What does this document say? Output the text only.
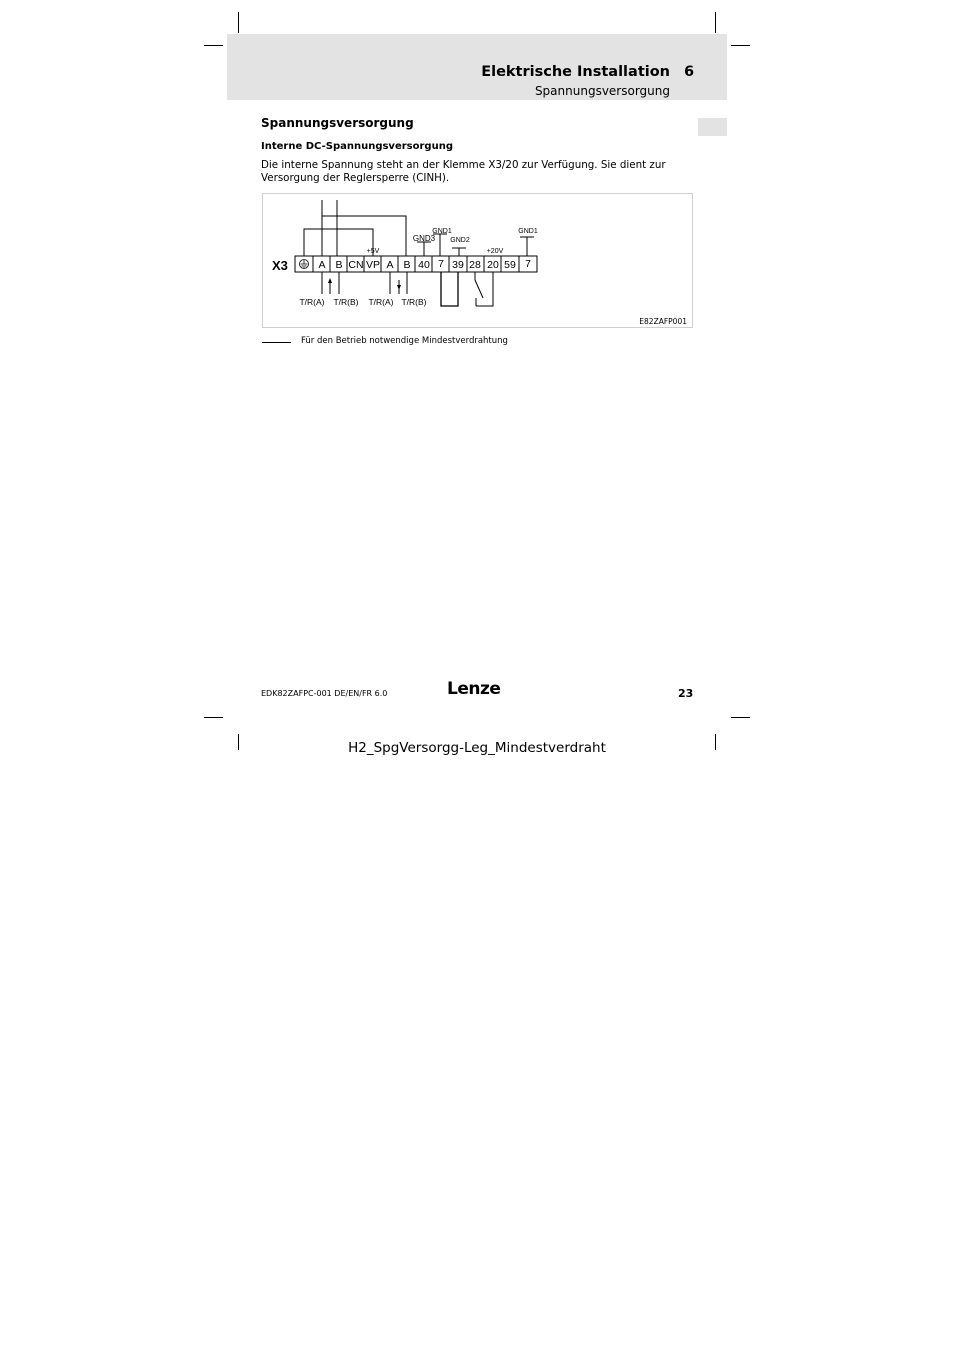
Elektrische Installation 6
Spannungsversorgung
Spannungsversorgung
Interne DC-Spannungsversorgung
Die interne Spannung steht an der Klemme X3/20 zur Verfügung. Sie dient zur Versorgung der Reglersperre (CINH).
X3	A B CN VP A B 40 7 39 28 20 59 7
+5V
GND3
GND1
GND2
+20V
GND1
T/R(A) T/R(B) T/R(A) T/R(B)
E82ZAFP001
Für den Betrieb notwendige Mindestverdrahtung
EDK82ZAFPC-001 DE/EN/FR 6.0	Lenze	23
H2_SpgVersorgg-Leg_Mindestverdraht
